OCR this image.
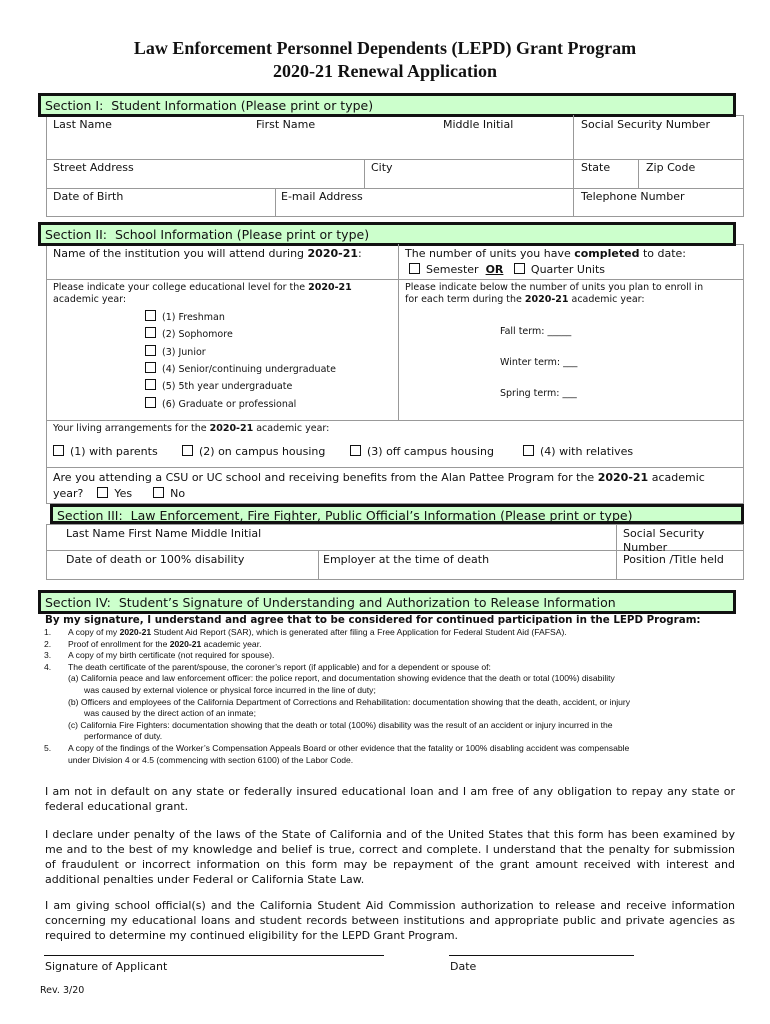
Law Enforcement Personnel Dependents (LEPD) Grant Program
2020-21 Renewal Application
Section I: Student Information (Please print or type)
Last Name	First Name	Middle Initial	Social Security Number
Street Address	City	State	Zip Code
Date of Birth	E-mail Address	Telephone Number
Section II: School Information (Please print or type)
Name of the institution you will attend during 2020-21:	The number of units you have completed to date:
Semester OR	Quarter Units
Please indicate your college educational level for the 2020-21
academic year:
(1) Freshman
(2) Sophomore
(3) Junior
(4) Senior/continuing undergraduate
(5) 5th year undergraduate
(6) Graduate or professional
Please indicate below the number of units you plan to enroll in
for each term during the 2020-21 academic year:
Fall term: _____
Winter term: ___
Spring term: ___
Your living arrangements for the 2020-21 academic year:
(1) with parents	(2) on campus housing	(3) off campus housing	(4) with relatives
Are you attending a CSU or UC school and receiving benefits from the Alan Pattee Program for the 2020-21 academic
year?	Yes	No
Section III: Law Enforcement, Fire Fighter, Public Official’s Information (Please print or type)
Last Name First Name Middle Initial	Social Security Number
Date of death or 100% disability	Employer at the time of death	Position /Title held
Section IV: Student’s Signature of Understanding and Authorization to Release Information
By my signature, I understand and agree that to be considered for continued participation in the LEPD Program:
1. A copy of my 2020-21 Student Aid Report (SAR), which is generated after filing a Free Application for Federal Student Aid (FAFSA).
2. Proof of enrollment for the 2020-21 academic year.
3. A copy of my birth certificate (not required for spouse).
4. The death certificate of the parent/spouse, the coroner’s report (if applicable) and for a dependent or spouse of:
(a) California peace and law enforcement officer: the police report, and documentation showing evidence that the death or total (100%) disability
was caused by external violence or physical force incurred in the line of duty;
(b) Officers and employees of the California Department of Corrections and Rehabilitation: documentation showing that the death, accident, or injury
was caused by the direct action of an inmate;
(c) California Fire Fighters: documentation showing that the death or total (100%) disability was the result of an accident or injury incurred in the
performance of duty.
5. A copy of the findings of the Worker’s Compensation Appeals Board or other evidence that the fatality or 100% disabling accident was compensable
under Division 4 or 4.5 (commencing with section 6100) of the Labor Code.
I am not in default on any state or federally insured educational loan and I am free of any obligation to repay any state or federal educational grant.
I declare under penalty of the laws of the State of California and of the United States that this form has been examined by me and to the best of my knowledge and belief is true, correct and complete. I understand that the penalty for submission of fraudulent or incorrect information on this form may be repayment of the grant amount received with interest and additional penalties under Federal or California State Law.
I am giving school official(s) and the California Student Aid Commission authorization to release and receive information concerning my educational loans and student records between institutions and appropriate public and private agencies as required to determine my continued eligibility for the LEPD Grant Program.
Signature of Applicant	Date
Rev. 3/20
